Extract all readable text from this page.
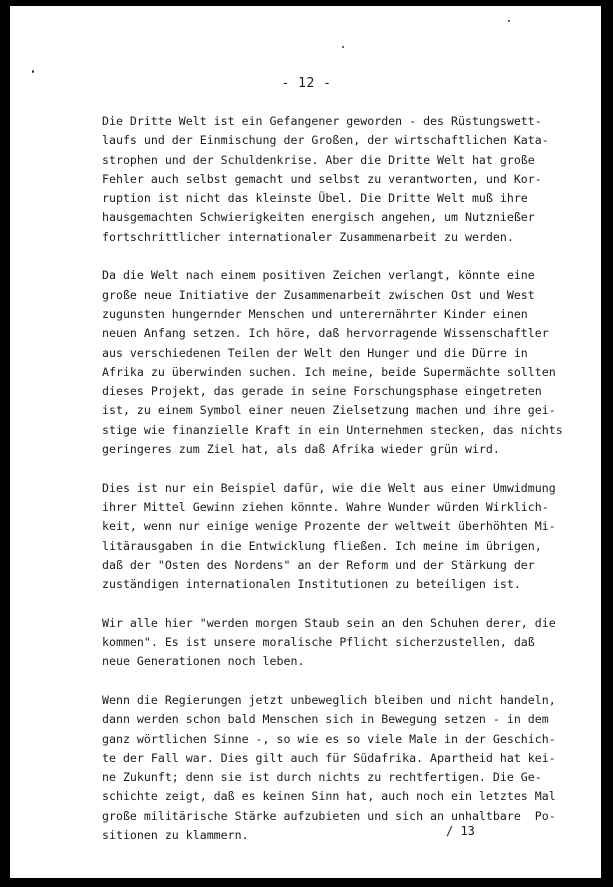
- 12 -

Die Dritte Welt ist ein Gefangener geworden - des Rüstungswett-
laufs und der Einmischung der Großen, der wirtschaftlichen Kata-
strophen und der Schuldenkrise. Aber die Dritte Welt hat große
Fehler auch selbst gemacht und selbst zu verantworten, und Kor-
ruption ist nicht das kleinste Übel. Die Dritte Welt muß ihre
hausgemachten Schwierigkeiten energisch angehen, um Nutznießer
fortschrittlicher internationaler Zusammenarbeit zu werden.

Da die Welt nach einem positiven Zeichen verlangt, könnte eine
große neue Initiative der Zusammenarbeit zwischen Ost und West
zugunsten hungernder Menschen und unterernährter Kinder einen
neuen Anfang setzen. Ich höre, daß hervorragende Wissenschaftler
aus verschiedenen Teilen der Welt den Hunger und die Dürre in
Afrika zu überwinden suchen. Ich meine, beide Supermächte sollten
dieses Projekt, das gerade in seine Forschungsphase eingetreten
ist, zu einem Symbol einer neuen Zielsetzung machen und ihre gei-
stige wie finanzielle Kraft in ein Unternehmen stecken, das nichts
geringeres zum Ziel hat, als daß Afrika wieder grün wird.

Dies ist nur ein Beispiel dafür, wie die Welt aus einer Umwidmung
ihrer Mittel Gewinn ziehen könnte. Wahre Wunder würden Wirklich-
keit, wenn nur einige wenige Prozente der weltweit überhöhten Mi-
litärausgaben in die Entwicklung fließen. Ich meine im übrigen,
daß der "Osten des Nordens" an der Reform und der Stärkung der
zuständigen internationalen Institutionen zu beteiligen ist.

Wir alle hier "werden morgen Staub sein an den Schuhen derer, die
kommen". Es ist unsere moralische Pflicht sicherzustellen, daß
neue Generationen noch leben.

Wenn die Regierungen jetzt unbeweglich bleiben und nicht handeln,
dann werden schon bald Menschen sich in Bewegung setzen - in dem
ganz wörtlichen Sinne -, so wie es so viele Male in der Geschich-
te der Fall war. Dies gilt auch für Südafrika. Apartheid hat kei-
ne Zukunft; denn sie ist durch nichts zu rechtfertigen. Die Ge-
schichte zeigt, daß es keinen Sinn hat, auch noch ein letztes Mal
große militärische Stärke aufzubieten und sich an unhaltbare  Po-
sitionen zu klammern.	/ 13
